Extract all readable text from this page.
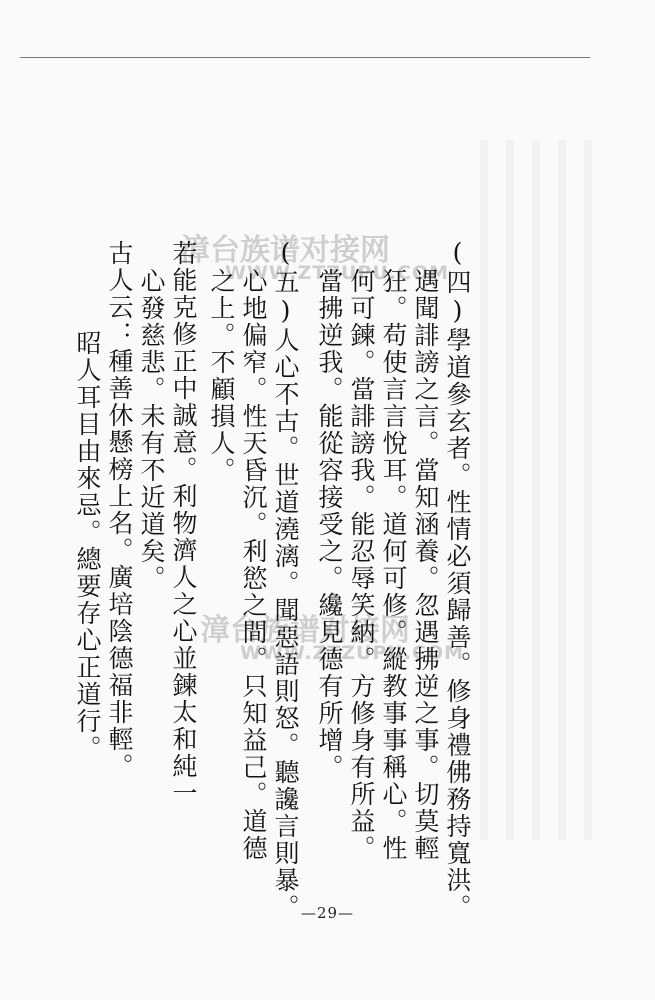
漳台族谱对接网
WWW.ZTZUPU.COM
漳台族谱对接网
WWW.ZTZUPU.COM
(四)學道參玄者。性情必須歸善。修身禮佛務持寬洪。
遇聞誹謗之言。當知涵養。忽遇拂逆之事。切莫輕
狂。苟使言言悅耳。道何可修。縱教事事稱心。性
何可鍊。當誹謗我。能忍辱笑納。方修身有所益。
當拂逆我。能從容接受之。纔見德有所增。
(五)人心不古。世道澆漓。聞惡語則怒。聽讒言則暴。
心地偏窄。性天昏沉。利慾之間。只知益己。道德
之上。不顧損人。
若能克修正中誠意。利物濟人之心並鍊太和純一
心發慈悲。未有不近道矣。
古人云：種善休懸榜上名。廣培陰德福非輕。
昭人耳目由來忌。總要存心正道行。
—29—
